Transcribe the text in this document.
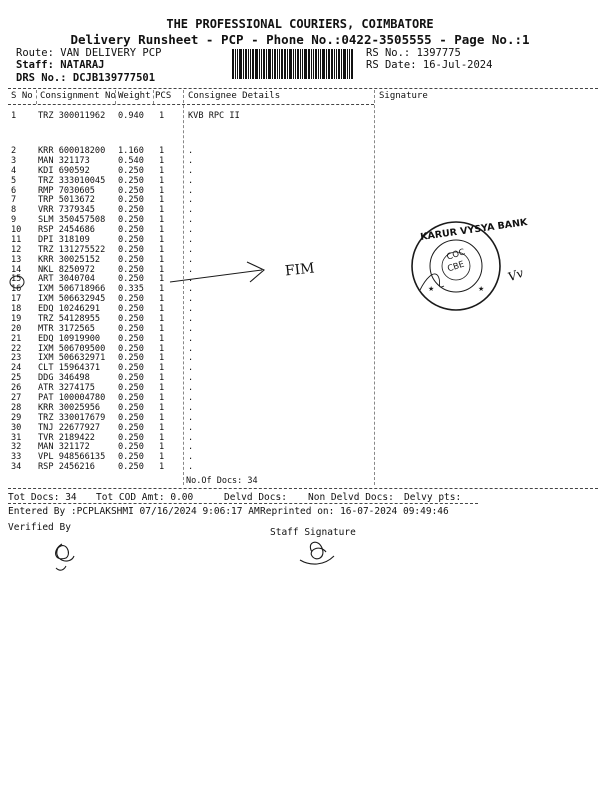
THE PROFESSIONAL COURIERS, COIMBATORE
Delivery Runsheet - PCP - Phone No.:0422-3505555 - Page No.:1
Route: VAN DELIVERY PCP
Staff: NATARAJ
DRS No.: DCJB139777501
RS No.: 1397775
RS Date: 16-Jul-2024
S No Consignment No Weight PCS Consignee Details	Signature
1	TRZ 300011962 0.940 1	KVB RPC II
2	KRR 600018200 1.160 1	.
3	MAN 321173	0.540 1	.
4	KDI 690592	0.250 1	.
5	TRZ 333010045 0.250 1	.
6	RMP 7030605	0.250 1	.
7	TRP 5013672	0.250 1	.
8	VRR 7379345	0.250 1	.
9	SLM 350457508 0.250 1	.
10 RSP 2454686	0.250 1	.
11 DPI 318109	0.250 1	.
12 TRZ 131275522 0.250 1	.
13 KRR 30025152 0.250 1	.
14 NKL 8250972	0.250 1	.
15 ART 3040704	0.250 1	.
16 IXM 506718966 0.335 1	.
17 IXM 506632945 0.250 1	.
18 EDQ 10246291 0.250 1	.
19 TRZ 54128955 0.250 1	.
20 MTR 3172565	0.250 1	.
21 EDQ 10919900 0.250 1	.
22 IXM 506709500 0.250 1	.
23 IXM 506632971 0.250 1	.
24 CLT 15964371 0.250 1	.
25 DDG 346498	0.250 1	.
26 ATR 3274175	0.250 1	.
27 PAT 100004780 0.250 1	.
28 KRR 30025956 0.250 1	.
29 TRZ 330017679 0.250 1	.
30 TNJ 22677927 0.250 1	.
31 TVR 2189422	0.250 1	.
32 MAN 321172	0.250 1	.
33 VPL 948566135 0.250 1	.
34 RSP 2456216	0.250 1	.
No.Of Docs: 34
Tot Docs: 34 Tot COD Amt: 0.00	Delvd Docs: Non Delvd Docs: Delvy pts:
Entered By :PCPLAKSHMI 07/16/2024 9:06:17 AM Reprinted on: 16-07-2024 09:49:46
Verified By	Staff Signature
FIM
★	★
KARUR VYSYA BANK
COC
CBE	Vv
